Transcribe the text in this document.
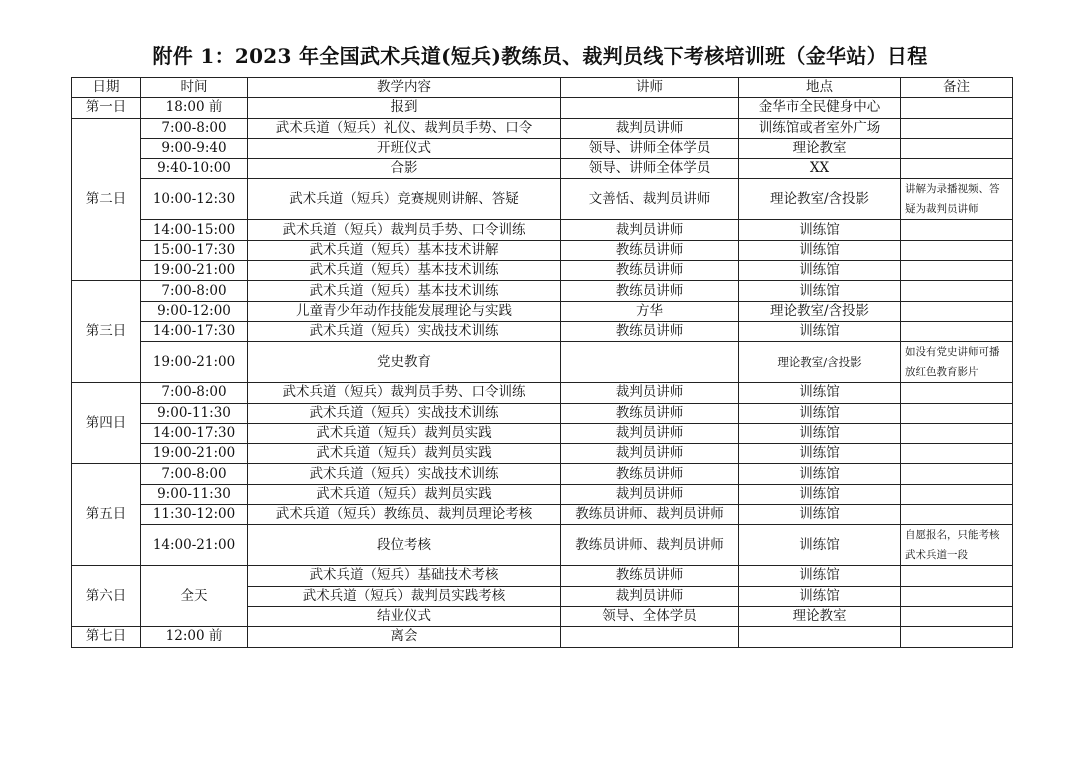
附件 1：2023 年全国武术兵道(短兵)教练员、裁判员线下考核培训班（金华站）日程
日期	时间	教学内容	讲师	地点	备注
第一日	18:00 前	报到		金华市全民健身中心	
第二日	7:00-8:00	武术兵道（短兵）礼仪、裁判员手势、口令	裁判员讲师	训练馆或者室外广场	
	9:00-9:40	开班仪式	领导、讲师全体学员	理论教室	
	9:40-10:00	合影	领导、讲师全体学员	XX	
	10:00-12:30	武术兵道（短兵）竞赛规则讲解、答疑	文善恬、裁判员讲师	理论教室/含投影	讲解为录播视频、答疑为裁判员讲师
	14:00-15:00	武术兵道（短兵）裁判员手势、口令训练	裁判员讲师	训练馆	
	15:00-17:30	武术兵道（短兵）基本技术讲解	教练员讲师	训练馆	
	19:00-21:00	武术兵道（短兵）基本技术训练	教练员讲师	训练馆	
第三日	7:00-8:00	武术兵道（短兵）基本技术训练	教练员讲师	训练馆	
	9:00-12:00	儿童青少年动作技能发展理论与实践	方华	理论教室/含投影	
	14:00-17:30	武术兵道（短兵）实战技术训练	教练员讲师	训练馆	
	19:00-21:00	党史教育		理论教室/含投影	如没有党史讲师可播放红色教育影片
第四日	7:00-8:00	武术兵道（短兵）裁判员手势、口令训练	裁判员讲师	训练馆	
	9:00-11:30	武术兵道（短兵）实战技术训练	教练员讲师	训练馆	
	14:00-17:30	武术兵道（短兵）裁判员实践	裁判员讲师	训练馆	
	19:00-21:00	武术兵道（短兵）裁判员实践	裁判员讲师	训练馆	
第五日	7:00-8:00	武术兵道（短兵）实战技术训练	教练员讲师	训练馆	
	9:00-11:30	武术兵道（短兵）裁判员实践	裁判员讲师	训练馆	
	11:30-12:00	武术兵道（短兵）教练员、裁判员理论考核	教练员讲师、裁判员讲师	训练馆	
	14:00-21:00	段位考核	教练员讲师、裁判员讲师	训练馆	自愿报名，只能考核武术兵道一段
第六日	全天	武术兵道（短兵）基础技术考核	教练员讲师	训练馆	
		武术兵道（短兵）裁判员实践考核	裁判员讲师	训练馆	
		结业仪式	领导、全体学员	理论教室	
第七日	12:00 前	离会			
